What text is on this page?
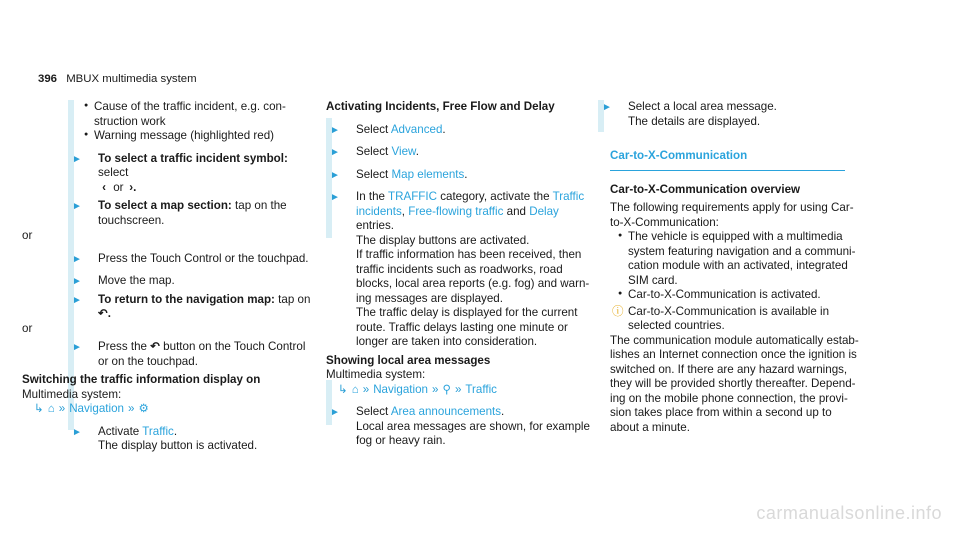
396 MBUX multimedia system
● Cause of the traffic incident, e.g. con-
struction work
● Warning message (highlighted red)
► To select a traffic incident symbol: select
‹ or ›.
► To select a map section: tap on the
touchscreen.
or
► Press the Touch Control or the touchpad.
► Move the map.
► To return to the navigation map: tap on
↶.
or
► Press the ↶ button on the Touch Control
or on the touchpad.
Switching the traffic information display on
Multimedia system:
↳ ⌂ » Navigation » ⚙
► Activate Traffic.
The display button is activated.
Activating Incidents, Free Flow and Delay
► Select Advanced.
► Select View.
► Select Map elements.
► In the TRAFFIC category, activate the Traffic
incidents, Free-flowing traffic and Delay
entries.
The display buttons are activated.
If traffic information has been received, then
traffic incidents such as roadworks, road
blocks, local area reports (e.g. fog) and warn-
ing messages are displayed.
The traffic delay is displayed for the current
route. Traffic delays lasting one minute or
longer are taken into consideration.
Showing local area messages
Multimedia system:
↳ ⌂ » Navigation » ⚲ » Traffic
► Select Area announcements.
Local area messages are shown, for example
fog or heavy rain.
► Select a local area message.
The details are displayed.
Car-to-X-Communication
Car-to-X-Communication overview
The following requirements apply for using Car-
to-X-Communication:
● The vehicle is equipped with a multimedia
system featuring navigation and a communi-
cation module with an activated, integrated
SIM card.
● Car-to-X-Communication is activated.
ⓘ Car-to-X-Communication is available in
selected countries.
The communication module automatically estab-
lishes an Internet connection once the ignition is
switched on. If there are any hazard warnings,
they will be provided shortly thereafter. Depend-
ing on the mobile phone connection, the provi-
sion takes place from within a second up to
about a minute.
carmanualsonline.info
